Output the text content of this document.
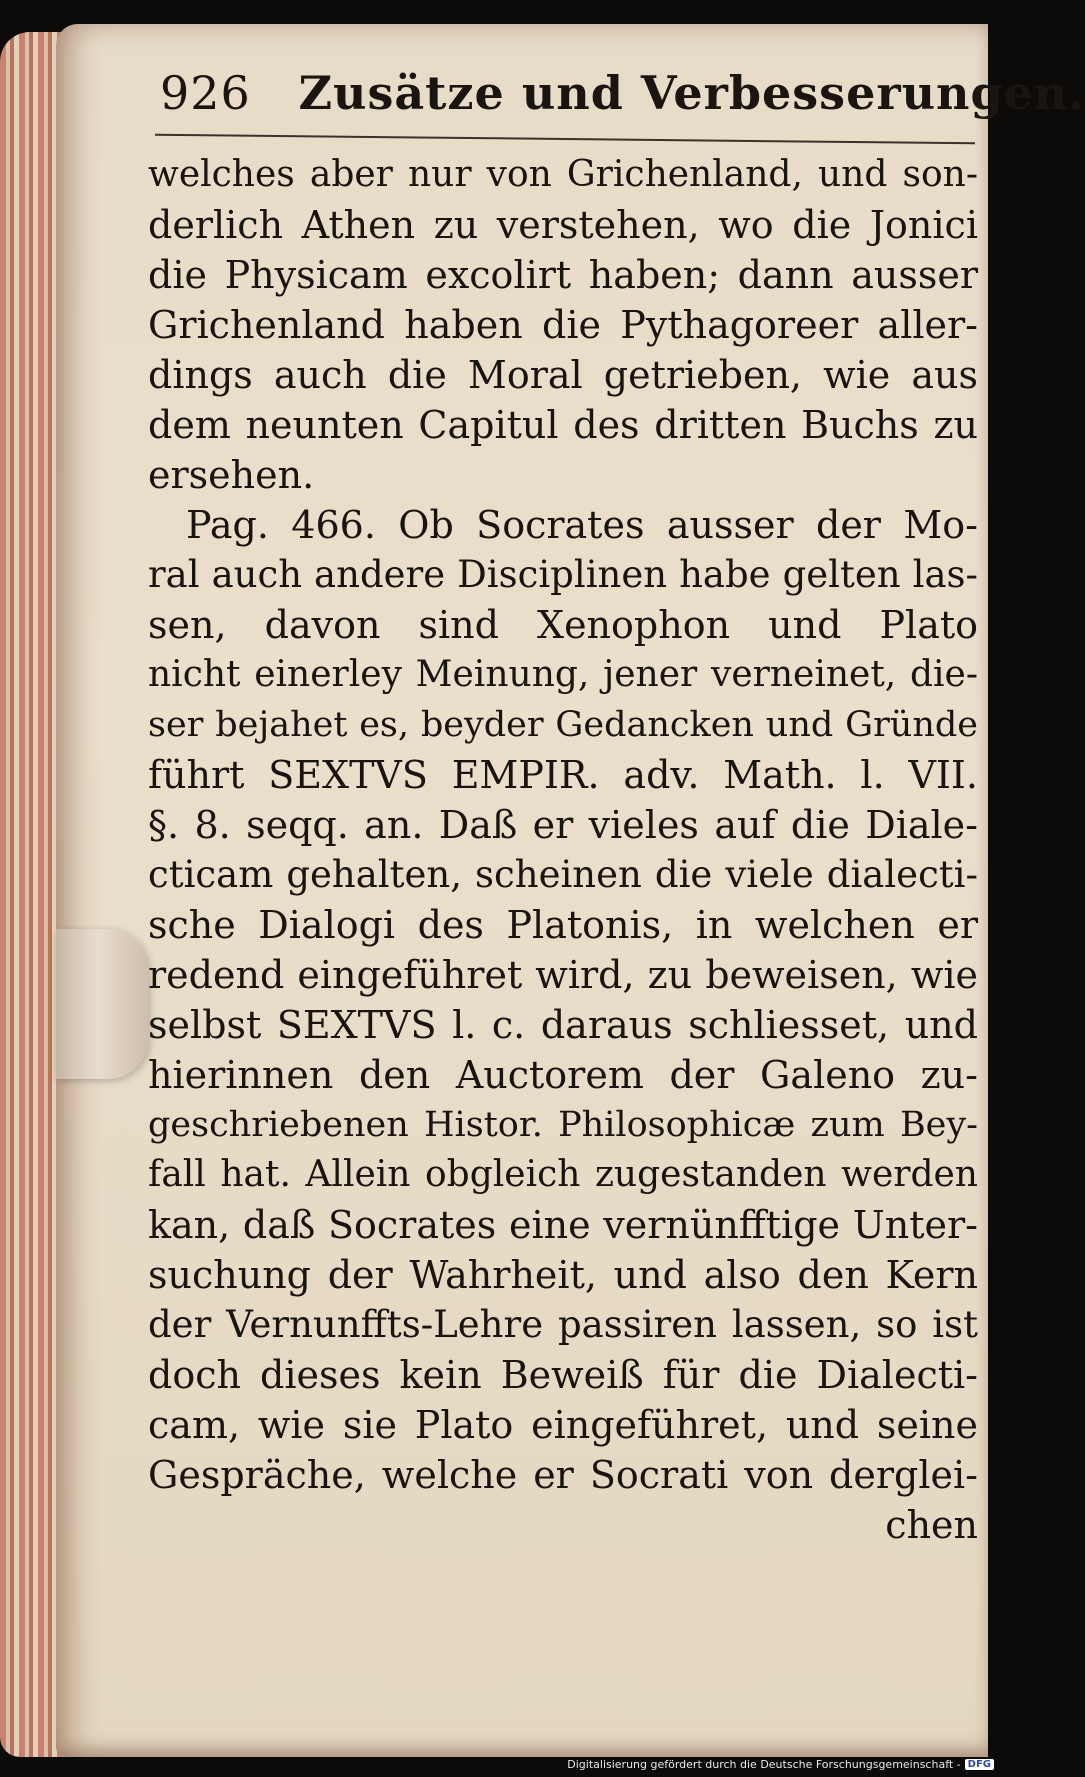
926 Zusätze und Verbesserungen.
welches aber nur von Grichenland, und son-
derlich Athen zu verstehen, wo die Jonici
die Physicam excolirt haben; dann ausser
Grichenland haben die Pythagoreer aller-
dings auch die Moral getrieben, wie aus
dem neunten Capitul des dritten Buchs zu
ersehen.
Pag. 466. Ob Socrates ausser der Mo-
ral auch andere Disciplinen habe gelten las-
sen, davon sind Xenophon und Plato
nicht einerley Meinung, jener verneinet, die-
ser bejahet es, beyder Gedancken und Gründe
führt SEXTVS EMPIR. adv. Math. l. VII.
§. 8. seqq. an. Daß er vieles auf die Diale-
cticam gehalten, scheinen die viele dialecti-
sche Dialogi des Platonis, in welchen er
redend eingeführet wird, zu beweisen, wie
selbst SEXTVS l. c. daraus schliesset, und
hierinnen den Auctorem der Galeno zu-
geschriebenen Histor. Philosophicæ zum Bey-
fall hat. Allein obgleich zugestanden werden
kan, daß Socrates eine vernünfftige Unter-
suchung der Wahrheit, und also den Kern
der Vernunffts-Lehre passiren lassen, so ist
doch dieses kein Beweiß für die Dialecti-
cam, wie sie Plato eingeführet, und seine
Gespräche, welche er Socrati von derglei-
chen
Digitalisierung gefördert durch die Deutsche Forschungsgemeinschaft - DFG
